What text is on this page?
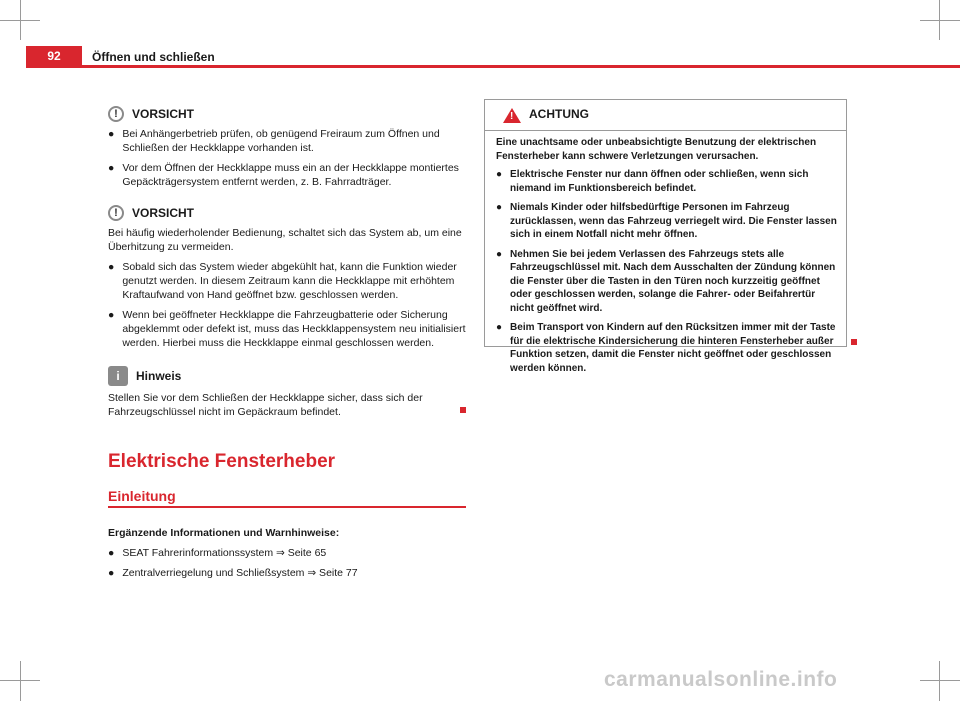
92	Öffnen und schließen
!	VORSICHT
● Bei Anhängerbetrieb prüfen, ob genügend Freiraum zum Öffnen und Schließen der Heckklappe vorhanden ist.
● Vor dem Öffnen der Heckklappe muss ein an der Heckklappe montiertes Gepäckträgersystem entfernt werden, z. B. Fahrradträger.
!	VORSICHT

Bei häufig wiederholender Bedienung, schaltet sich das System ab, um eine Überhitzung zu vermeiden.

● Sobald sich das System wieder abgekühlt hat, kann die Funktion wieder genutzt werden. In diesem Zeitraum kann die Heckklappe mit erhöhtem Kraftaufwand von Hand geöffnet bzw. geschlossen werden.
● Wenn bei geöffneter Heckklappe die Fahrzeugbatterie oder Sicherung abgeklemmt oder defekt ist, muss das Heckklappensystem neu initialisiert werden. Hierbei muss die Heckklappe einmal geschlossen werden.
i	Hinweis

Stellen Sie vor dem Schließen der Heckklappe sicher, dass sich der Fahrzeugschlüssel nicht im Gepäckraum befindet.

Elektrische Fensterheber
Einleitung

Ergänzende Informationen und Warnhinweise:

● SEAT Fahrerinformationssystem ⇒ Seite 65
● Zentralverriegelung und Schließsystem ⇒ Seite 77
! ACHTUNG

Eine unachtsame oder unbeabsichtigte Benutzung der elektrischen Fensterheber kann schwere Verletzungen verursachen.

● Elektrische Fenster nur dann öffnen oder schließen, wenn sich niemand im Funktionsbereich befindet.
● Niemals Kinder oder hilfsbedürftige Personen im Fahrzeug zurücklassen, wenn das Fahrzeug verriegelt wird. Die Fenster lassen sich in einem Notfall nicht mehr öffnen.
● Nehmen Sie bei jedem Verlassen des Fahrzeugs stets alle Fahrzeugschlüssel mit. Nach dem Ausschalten der Zündung können die Fenster über die Tasten in den Türen noch kurzzeitig geöffnet oder geschlossen werden, solange die Fahrer- oder Beifahrertür nicht geöffnet wird.
● Beim Transport von Kindern auf den Rücksitzen immer mit der Taste für die elektrische Kindersicherung die hinteren Fensterheber außer Funktion setzen, damit die Fenster nicht geöffnet oder geschlossen werden können.
carmanualsonline.info
